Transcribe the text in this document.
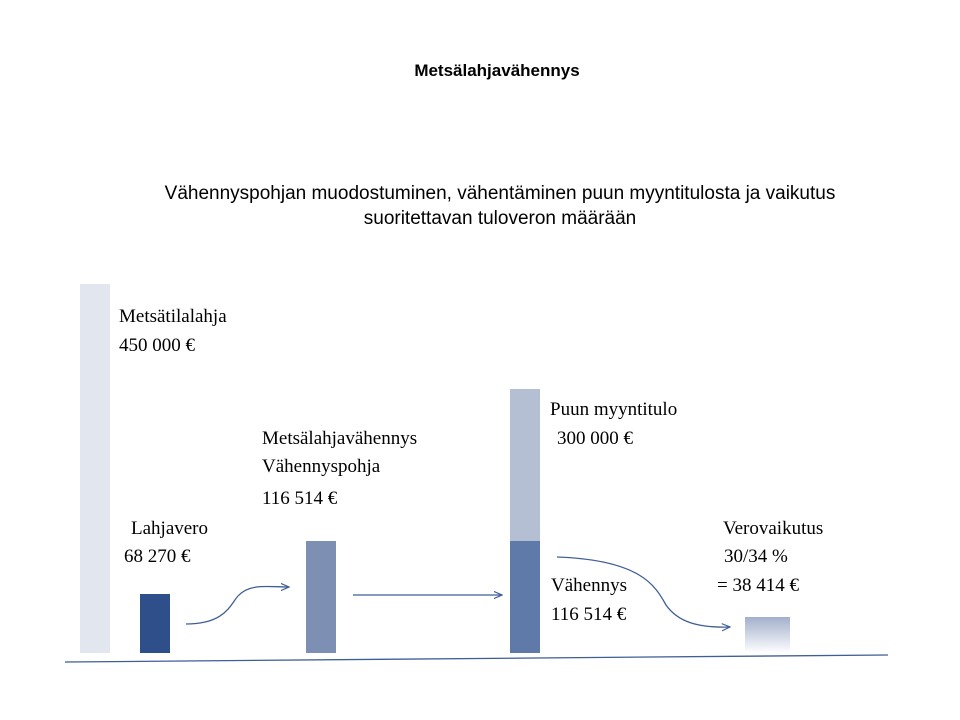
Metsälahjavähennys
Vähennyspohjan muodostuminen, vähentäminen puun myyntitulosta ja vaikutus
suoritettavan tuloveron määrään
Metsätilalahja
450 000 €
Puun myyntitulo
300 000 €
Metsälahjavähennys
Vähennyspohja
116 514 €
Lahjavero
68 270 €
Verovaikutus
30/34 %
= 38 414 €
Vähennys
116 514 €
